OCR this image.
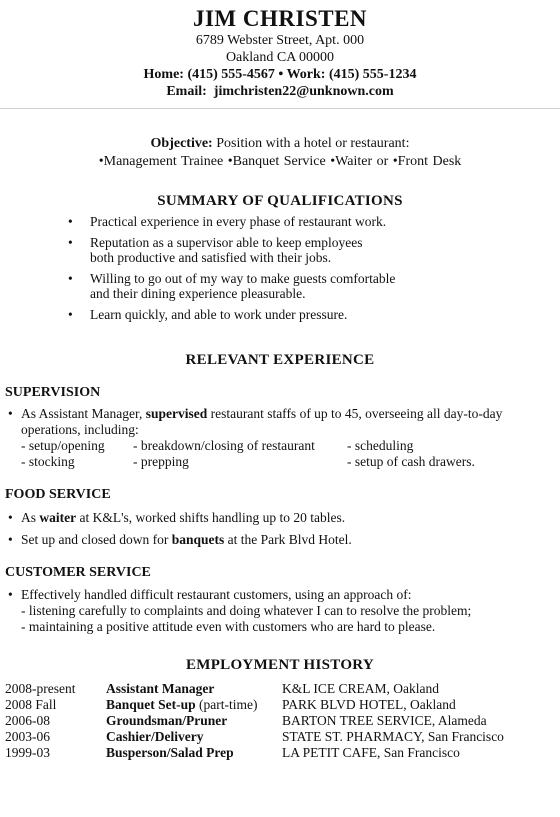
JIM CHRISTEN
6789 Webster Street, Apt. 000
Oakland CA 00000
Home: (415) 555-4567 • Work: (415) 555-1234
Email: jimchristen22@unknown.com
Objective: Position with a hotel or restaurant:
•Management Trainee •Banquet Service •Waiter or •Front Desk
SUMMARY OF QUALIFICATIONS
• Practical experience in every phase of restaurant work.
• Reputation as a supervisor able to keep employees
both productive and satisfied with their jobs.
• Willing to go out of my way to make guests comfortable
and their dining experience pleasurable.
• Learn quickly, and able to work under pressure.
RELEVANT EXPERIENCE
SUPERVISION
• As Assistant Manager, supervised restaurant staffs of up to 45, overseeing all day-to-day
operations, including:
- setup/opening	- breakdown/closing of restaurant	- scheduling
- stocking	- prepping	- setup of cash drawers.
FOOD SERVICE
• As waiter at K&L's, worked shifts handling up to 20 tables.
• Set up and closed down for banquets at the Park Blvd Hotel.
CUSTOMER SERVICE
• Effectively handled difficult restaurant customers, using an approach of:
- listening carefully to complaints and doing whatever I can to resolve the problem;
- maintaining a positive attitude even with customers who are hard to please.
EMPLOYMENT HISTORY
2008-present	Assistant Manager	K&L ICE CREAM, Oakland
2008 Fall	Banquet Set-up (part-time)	PARK BLVD HOTEL, Oakland
2006-08	Groundsman/Pruner	BARTON TREE SERVICE, Alameda
2003-06	Cashier/Delivery	STATE ST. PHARMACY, San Francisco
1999-03	Busperson/Salad Prep	LA PETIT CAFE, San Francisco
